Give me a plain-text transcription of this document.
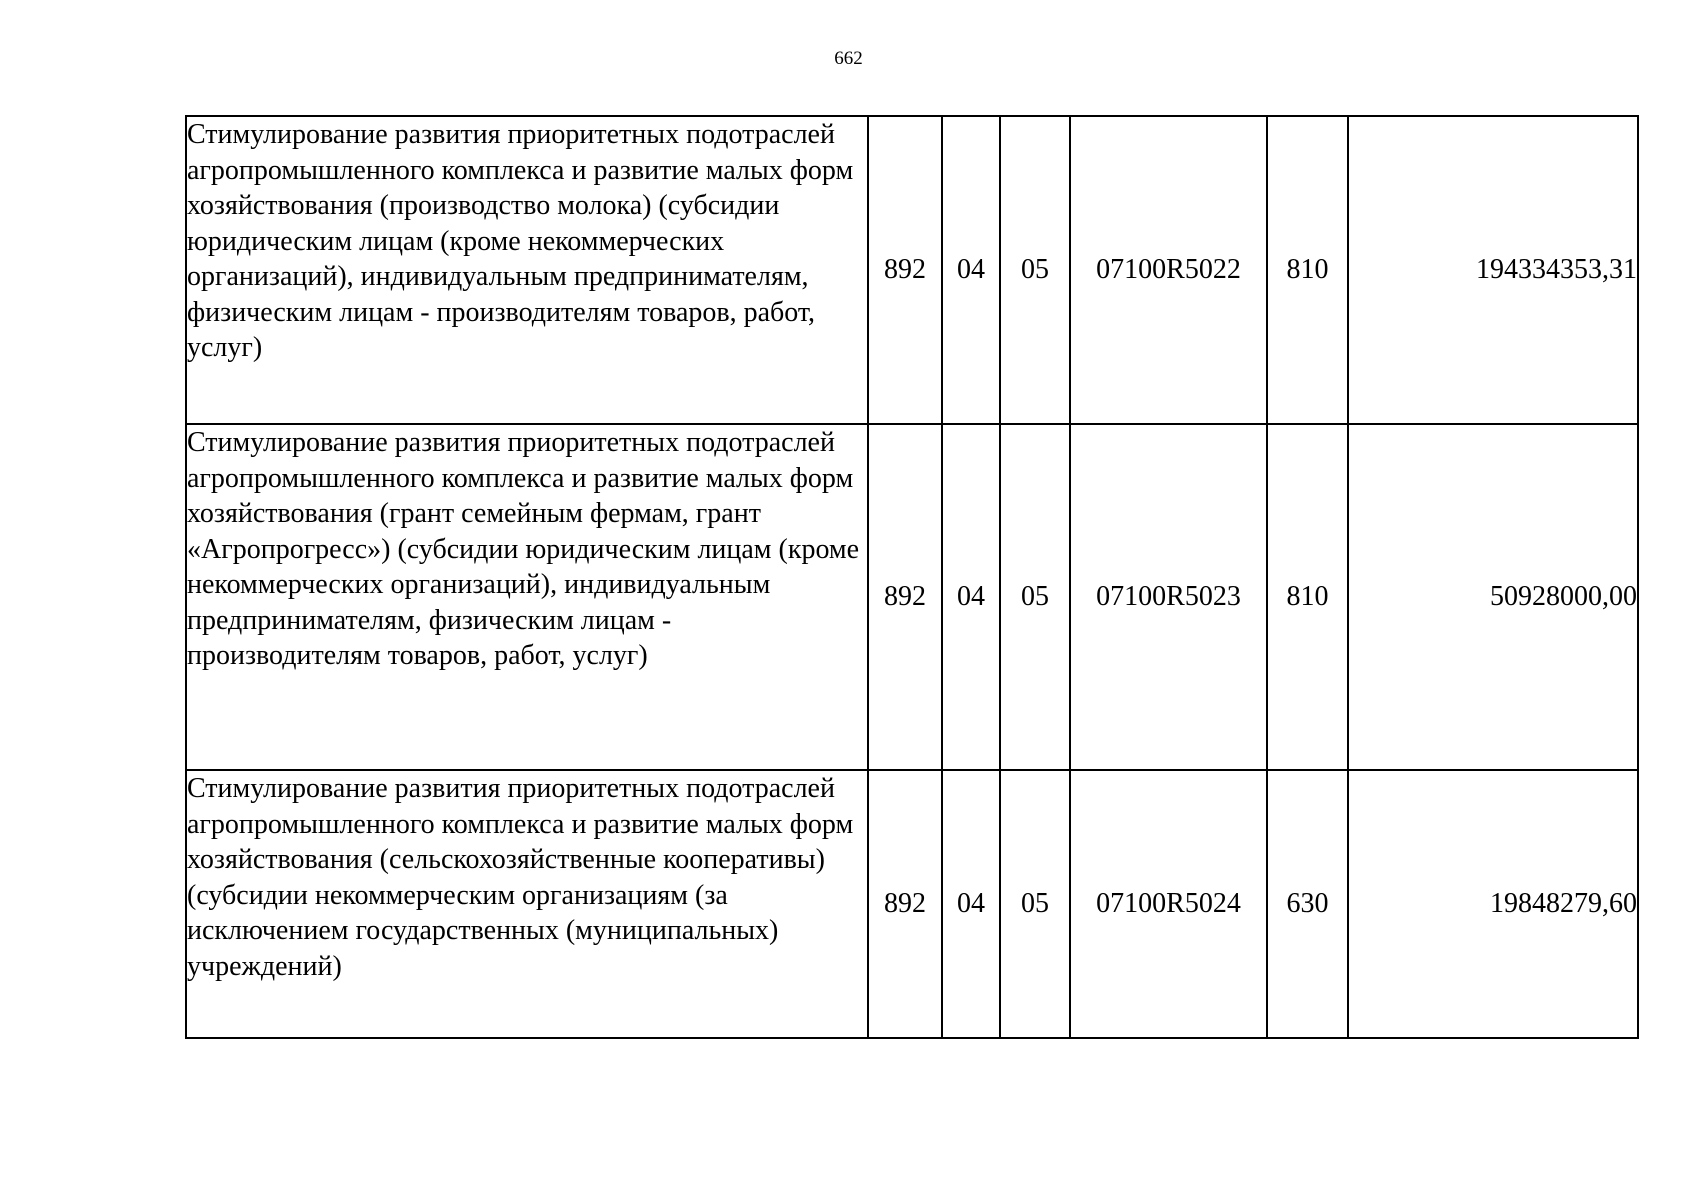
662
Стимулирование развития приоритетных подотраслей агропромышленного комплекса и развитие малых форм хозяйствования (производство молока) (субсидии юридическим лицам (кроме некоммерческих организаций), индивидуальным предпринимателям, физическим лицам - производителям товаров, работ, услуг)	892	04	05	07100R5022	810	194334353,31
Стимулирование развития приоритетных подотраслей агропромышленного комплекса и развитие малых форм хозяйствования (грант семейным фермам, грант «Агропрогресс») (субсидии юридическим лицам (кроме некоммерческих организаций), индивидуальным предпринимателям, физическим лицам - производителям товаров, работ, услуг)	892	04	05	07100R5023	810	50928000,00
Стимулирование развития приоритетных подотраслей агропромышленного комплекса и развитие малых форм хозяйствования (сельскохозяйственные кооперативы) (субсидии некоммерческим организациям (за исключением государственных (муниципальных) учреждений)	892	04	05	07100R5024	630	19848279,60
